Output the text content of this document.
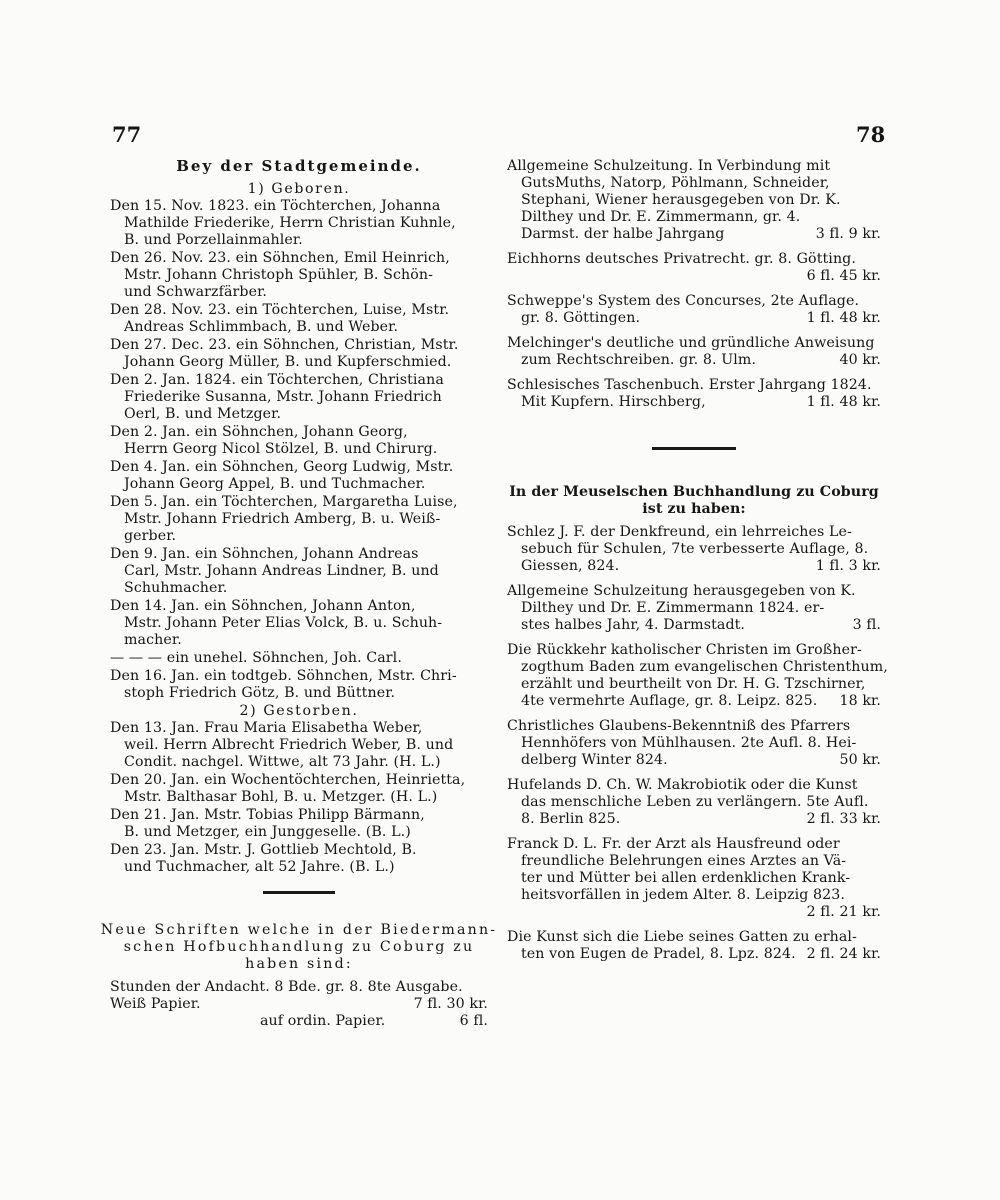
77	78
Bey der Stadtgemeinde.
1) Geboren.
Den 15. Nov. 1823. ein Töchterchen, Johanna
Mathilde Friederike, Herrn Christian Kuhnle,
B. und Porzellainmahler.
Den 26. Nov. 23. ein Söhnchen, Emil Heinrich,
Mstr. Johann Christoph Spühler, B. Schön-
und Schwarzfärber.
Den 28. Nov. 23. ein Töchterchen, Luise, Mstr.
Andreas Schlimmbach, B. und Weber.
Den 27. Dec. 23. ein Söhnchen, Christian, Mstr.
Johann Georg Müller, B. und Kupferschmied.
Den 2. Jan. 1824. ein Töchterchen, Christiana
Friederike Susanna, Mstr. Johann Friedrich
Oerl, B. und Metzger.
Den 2. Jan. ein Söhnchen, Johann Georg,
Herrn Georg Nicol Stölzel, B. und Chirurg.
Den 4. Jan. ein Söhnchen, Georg Ludwig, Mstr.
Johann Georg Appel, B. und Tuchmacher.
Den 5. Jan. ein Töchterchen, Margaretha Luise,
Mstr. Johann Friedrich Amberg, B. u. Weiß-
gerber.
Den 9. Jan. ein Söhnchen, Johann Andreas
Carl, Mstr. Johann Andreas Lindner, B. und
Schuhmacher.
Den 14. Jan. ein Söhnchen, Johann Anton,
Mstr. Johann Peter Elias Volck, B. u. Schuh-
macher.
— — — ein unehel. Söhnchen, Joh. Carl.
Den 16. Jan. ein todtgeb. Söhnchen, Mstr. Chri-
stoph Friedrich Götz, B. und Büttner.
2) Gestorben.
Den 13. Jan. Frau Maria Elisabetha Weber,
weil. Herrn Albrecht Friedrich Weber, B. und
Condit. nachgel. Wittwe, alt 73 Jahr. (H. L.)
Den 20. Jan. ein Wochentöchterchen, Heinrietta,
Mstr. Balthasar Bohl, B. u. Metzger. (H. L.)
Den 21. Jan. Mstr. Tobias Philipp Bärmann,
B. und Metzger, ein Junggeselle. (B. L.)
Den 23. Jan. Mstr. J. Gottlieb Mechtold, B.
und Tuchmacher, alt 52 Jahre. (B. L.)
Neue Schriften welche in der Biedermann-
schen Hofbuchhandlung zu Coburg zu
haben sind:
Stunden der Andacht. 8 Bde. gr. 8. 8te Ausgabe.
Weiß Papier.	7 fl. 30 kr.
auf ordin. Papier.	6 fl.
Allgemeine Schulzeitung. In Verbindung mit
GutsMuths, Natorp, Pöhlmann, Schneider,
Stephani, Wiener herausgegeben von Dr. K.
Dilthey und Dr. E. Zimmermann, gr. 4.
Darmst. der halbe Jahrgang	3 fl. 9 kr.
Eichhorns deutsches Privatrecht. gr. 8. Götting.
6 fl. 45 kr.
Schweppe's System des Concurses, 2te Auflage.
gr. 8. Göttingen.	1 fl. 48 kr.
Melchinger's deutliche und gründliche Anweisung
zum Rechtschreiben. gr. 8. Ulm.	40 kr.
Schlesisches Taschenbuch. Erster Jahrgang 1824.
Mit Kupfern. Hirschberg,	1 fl. 48 kr.
In der Meuselschen Buchhandlung zu Coburg
ist zu haben:
Schlez J. F. der Denkfreund, ein lehrreiches Le-
sebuch für Schulen, 7te verbesserte Auflage, 8.
Giessen, 824.	1 fl. 3 kr.
Allgemeine Schulzeitung herausgegeben von K.
Dilthey und Dr. E. Zimmermann 1824. er-
stes halbes Jahr, 4. Darmstadt.	3 fl.
Die Rückkehr katholischer Christen im Großher-
zogthum Baden zum evangelischen Christenthum,
erzählt und beurtheilt von Dr. H. G. Tzschirner,
4te vermehrte Auflage, gr. 8. Leipz. 825. 18 kr.
Christliches Glaubens-Bekenntniß des Pfarrers
Hennhöfers von Mühlhausen. 2te Aufl. 8. Hei-
delberg Winter 824.	50 kr.
Hufelands D. Ch. W. Makrobiotik oder die Kunst
das menschliche Leben zu verlängern. 5te Aufl.
8. Berlin 825.	2 fl. 33 kr.
Franck D. L. Fr. der Arzt als Hausfreund oder
freundliche Belehrungen eines Arztes an Vä-
ter und Mütter bei allen erdenklichen Krank-
heitsvorfällen in jedem Alter. 8. Leipzig 823.
2 fl. 21 kr.
Die Kunst sich die Liebe seines Gatten zu erhal-
ten von Eugen de Pradel, 8. Lpz. 824. 2 fl. 24 kr.
